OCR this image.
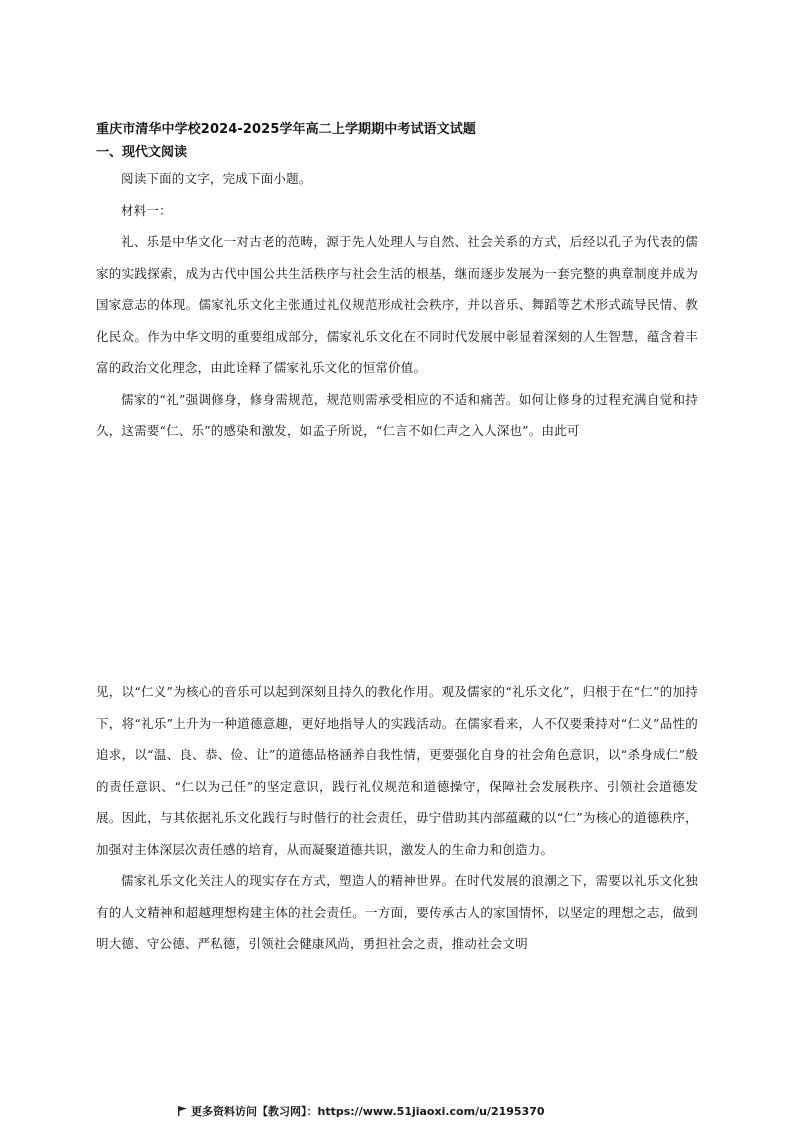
重庆市清华中学校2024-2025学年高二上学期期中考试语文试题
一、现代文阅读

阅读下面的文字，完成下面小题。

材料一：

礼、乐是中华文化一对古老的范畴，源于先人处理人与自然、社会关系的方式，后经以孔子为代表的儒家的实践探索，成为古代中国公共生活秩序与社会生活的根基，继而逐步发展为一套完整的典章制度并成为国家意志的体现。儒家礼乐文化主张通过礼仪规范形成社会秩序，并以音乐、舞蹈等艺术形式疏导民情、教化民众。作为中华文明的重要组成部分，儒家礼乐文化在不同时代发展中彰显着深刻的人生智慧，蕴含着丰富的政治文化理念，由此诠释了儒家礼乐文化的恒常价值。

儒家的“礼”强调修身，修身需规范，规范则需承受相应的不适和痛苦。如何让修身的过程充满自觉和持久，这需要“仁、乐”的感染和激发，如孟子所说，“仁言不如仁声之入人深也”。由此可

见，以“仁义”为核心的音乐可以起到深刻且持久的教化作用。观及儒家的“礼乐文化”，归根于在“仁”的加持下，将“礼乐”上升为一种道德意趣，更好地指导人的实践活动。在儒家看来，人不仅要秉持对“仁义”品性的追求，以“温、良、恭、俭、让”的道德品格涵养自我性情，更要强化自身的社会角色意识，以“杀身成仁”般的责任意识、“仁以为己任”的坚定意识，践行礼仪规范和道德操守，保障社会发展秩序、引领社会道德发展。因此，与其依据礼乐文化践行与时偕行的社会责任，毋宁借助其内部蕴藏的以“仁”为核心的道德秩序，加强对主体深层次责任感的培育，从而凝聚道德共识，激发人的生命力和创造力。

儒家礼乐文化关注人的现实存在方式，塑造人的精神世界。在时代发展的浪潮之下，需要以礼乐文化独有的人文精神和超越理想构建主体的社会责任。一方面，要传承古人的家国情怀，以坚定的理想之志，做到明大德、守公德、严私德，引领社会健康风尚，勇担社会之责，推动社会文明

更多资料访问【教习网】：https://www.51jiaoxi.com/u/2195370
